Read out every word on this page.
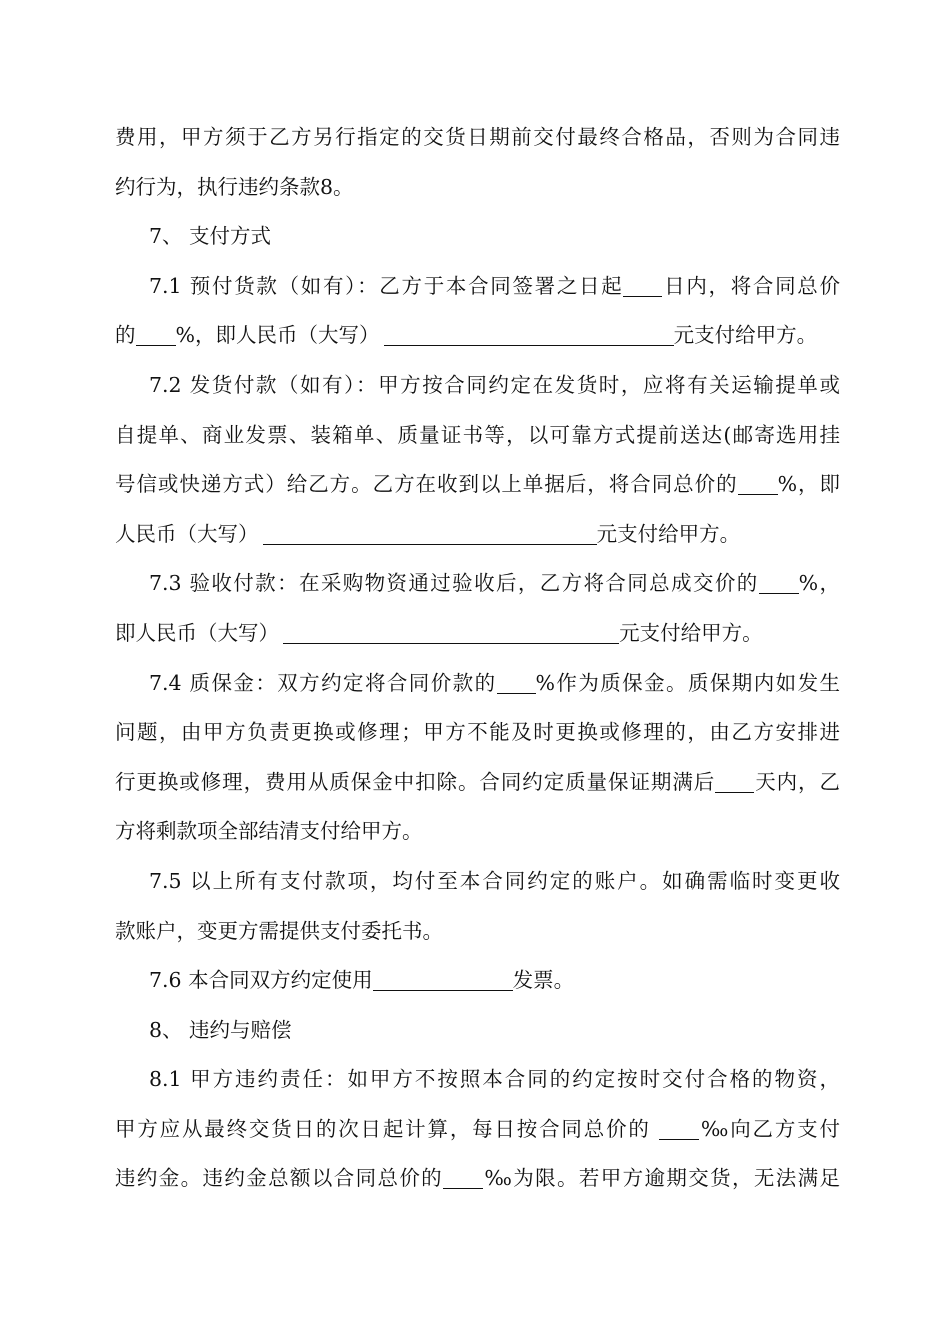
费用，甲方须于乙方另行指定的交货日期前交付最终合格品，否则为合同违
约行为，执行违约条款8。
7、 支付方式
7.1 预付货款（如有）：乙方于本合同签署之日起 日内，将合同总价
的 %，即人民币（大写） 	元支付给甲方。
7.2 发货付款（如有）：甲方按合同约定在发货时，应将有关运输提单或
自提单、商业发票、装箱单、质量证书等，以可靠方式提前送达(邮寄选用挂
号信或快递方式）给乙方。乙方在收到以上单据后，将合同总价的 %，即
人民币（大写） 	元支付给甲方。
7.3 验收付款：在采购物资通过验收后，乙方将合同总成交价的 %，
即人民币（大写） 	元支付给甲方。
7.4 质保金：双方约定将合同价款的 %作为质保金。质保期内如发生
问题，由甲方负责更换或修理；甲方不能及时更换或修理的，由乙方安排进
行更换或修理，费用从质保金中扣除。合同约定质量保证期满后 天内，乙
方将剩款项全部结清支付给甲方。
7.5 以上所有支付款项，均付至本合同约定的账户。如确需临时变更收
款账户，变更方需提供支付委托书。
7.6 本合同双方约定使用	发票。
8、 违约与赔偿
8.1 甲方违约责任：如甲方不按照本合同的约定按时交付合格的物资，
甲方应从最终交货日的次日起计算，每日按合同总价的 ‰向乙方支付
违约金。违约金总额以合同总价的 ‰为限。若甲方逾期交货，无法满足
